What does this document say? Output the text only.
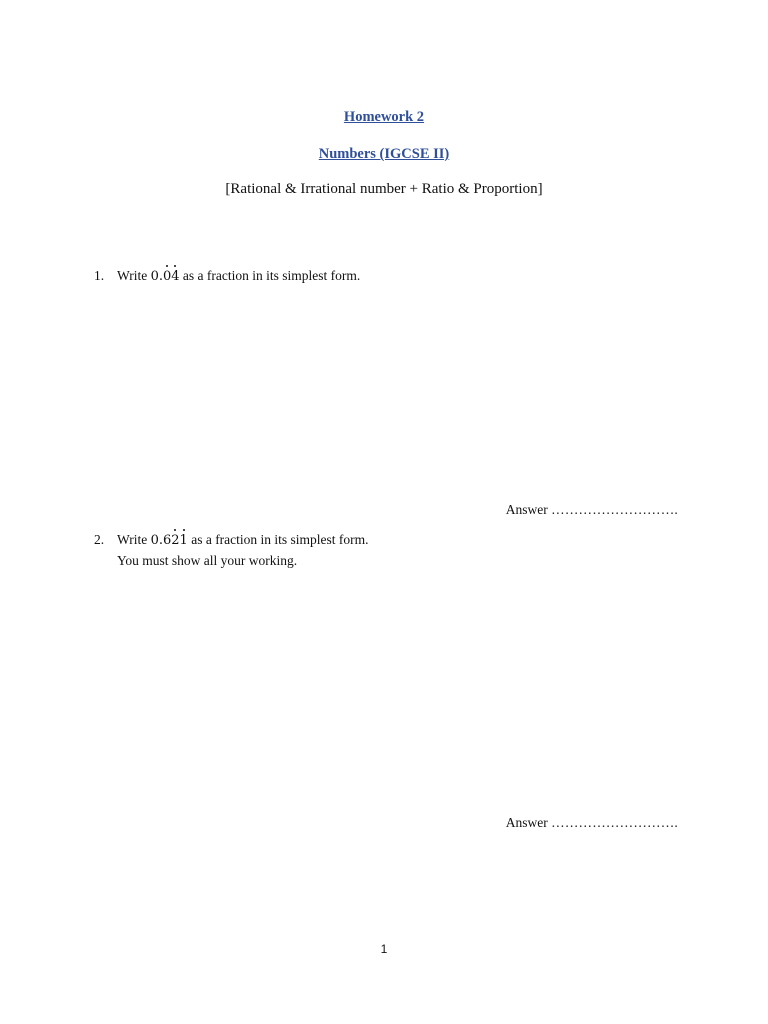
Homework 2
Numbers (IGCSE II)
[Rational & Irrational number + Ratio & Proportion]
1. Write 0.04 as a fraction in its simplest form.
Answer ……………………….
2. Write 0.621 as a fraction in its simplest form.
You must show all your working.
Answer ……………………….
1
